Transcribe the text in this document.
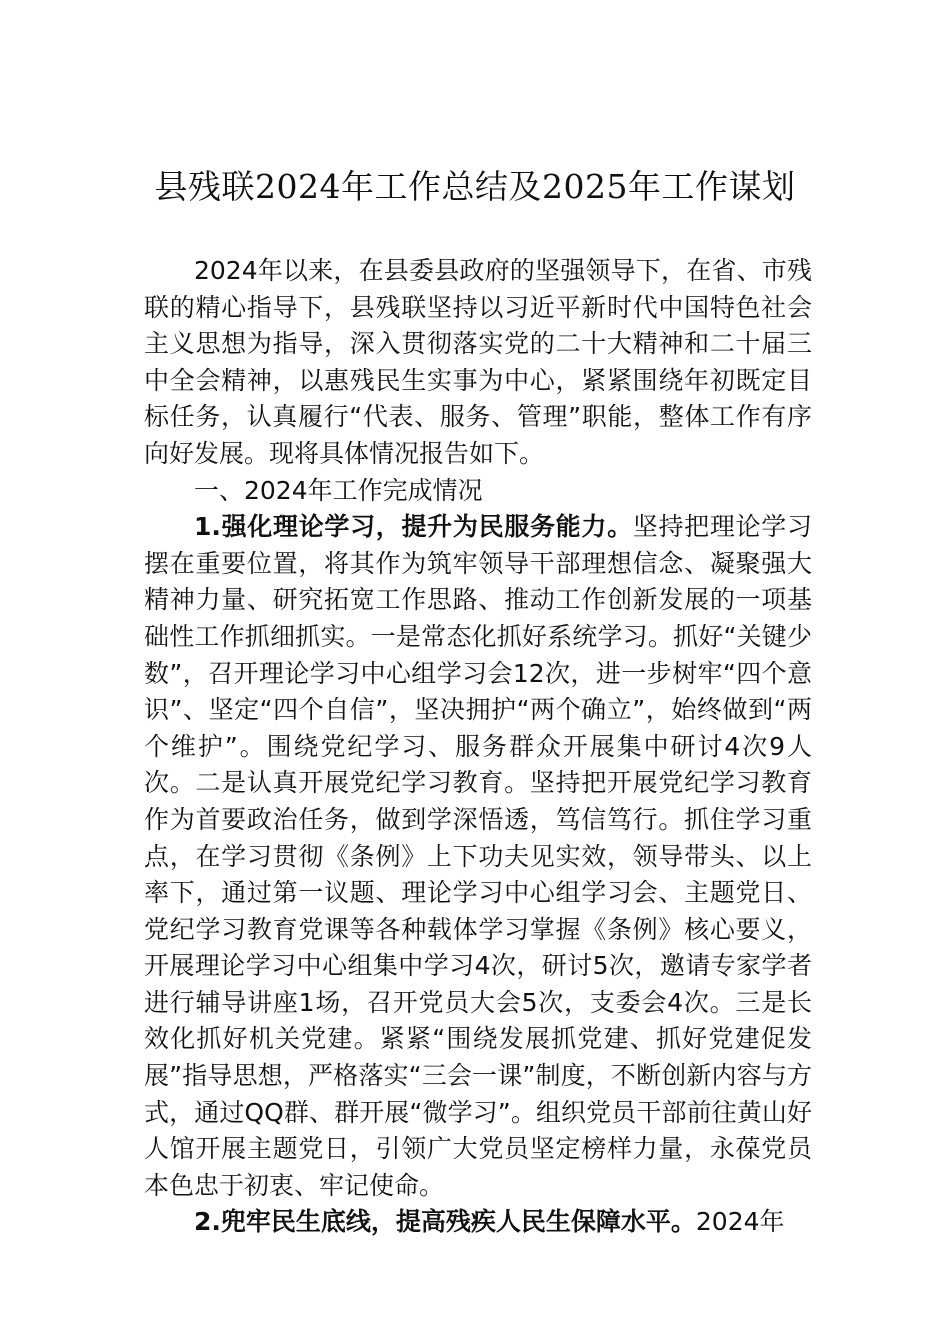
县残联2024年工作总结及2025年工作谋划

2024年以来，在县委县政府的坚强领导下，在省、市残联的精心指导下，县残联坚持以习近平新时代中国特色社会主义思想为指导，深入贯彻落实党的二十大精神和二十届三中全会精神，以惠残民生实事为中心，紧紧围绕年初既定目标任务，认真履行“代表、服务、管理”职能，整体工作有序向好发展。现将具体情况报告如下。

一、2024年工作完成情况

1.强化理论学习，提升为民服务能力。坚持把理论学习摆在重要位置，将其作为筑牢领导干部理想信念、凝聚强大精神力量、研究拓宽工作思路、推动工作创新发展的一项基础性工作抓细抓实。一是常态化抓好系统学习。抓好“关键少数”，召开理论学习中心组学习会12次，进一步树牢“四个意识”、坚定“四个自信”，坚决拥护“两个确立”，始终做到“两个维护”。围绕党纪学习、服务群众开展集中研讨4次9人次。二是认真开展党纪学习教育。坚持把开展党纪学习教育作为首要政治任务，做到学深悟透，笃信笃行。抓住学习重点，在学习贯彻《条例》上下功夫见实效，领导带头、以上率下，通过第一议题、理论学习中心组学习会、主题党日、党纪学习教育党课等各种载体学习掌握《条例》核心要义，开展理论学习中心组集中学习4次，研讨5次，邀请专家学者进行辅导讲座1场，召开党员大会5次，支委会4次。三是长效化抓好机关党建。紧紧“围绕发展抓党建、抓好党建促发展”指导思想，严格落实“三会一课”制度，不断创新内容与方式，通过QQ群、群开展“微学习”。组织党员干部前往黄山好人馆开展主题党日，引领广大党员坚定榜样力量，永葆党员本色忠于初衷、牢记使命。

2.兜牢民生底线，提高残疾人民生保障水平。2024年
